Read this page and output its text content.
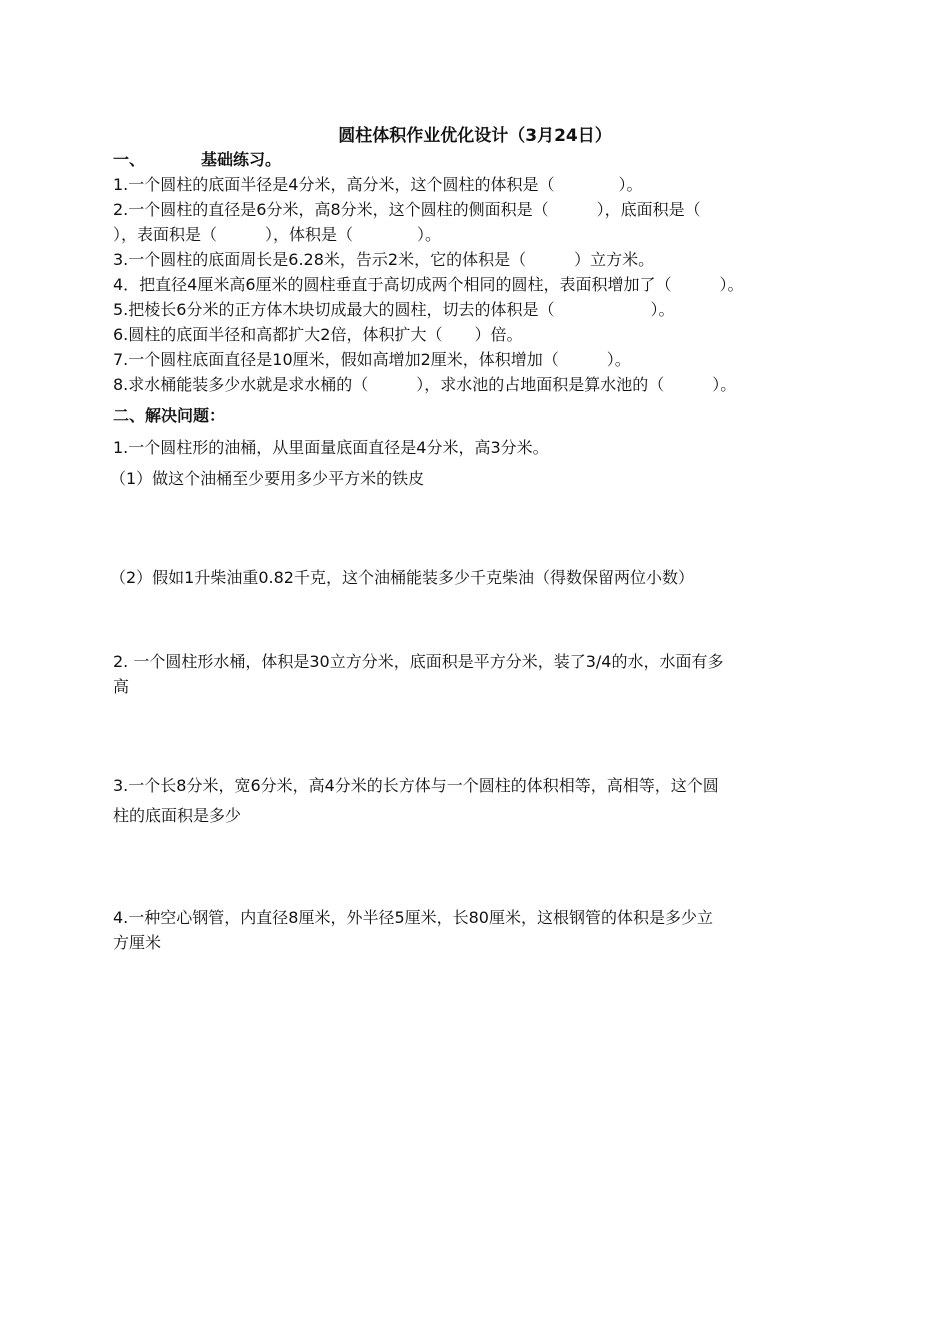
圆柱体积作业优化设计（3月24日）
一、	基础练习。
1.一个圆柱的底面半径是4分米，高分米，这个圆柱的体积是（　　　　）。
2.一个圆柱的直径是6分米，高8分米，这个圆柱的侧面积是（　　　），底面积是（
），表面积是（　　　），体积是（　　　　）。
3.一个圆柱的底面周长是6.28米，告示2米，它的体积是（　　　）立方米。
4．把直径4厘米高6厘米的圆柱垂直于高切成两个相同的圆柱，表面积增加了（　　　）。
5.把棱长6分米的正方体木块切成最大的圆柱，切去的体积是（　　　　　　）。
6.圆柱的底面半径和高都扩大2倍，体积扩大（　　）倍。
7.一个圆柱底面直径是10厘米，假如高增加2厘米，体积增加（　　　）。
8.求水桶能装多少水就是求水桶的（　　　），求水池的占地面积是算水池的（　　　）。
二、解决问题：
1.一个圆柱形的油桶，从里面量底面直径是4分米，高3分米。
（1）做这个油桶至少要用多少平方米的铁皮
（2）假如1升柴油重0.82千克，这个油桶能装多少千克柴油（得数保留两位小数）
2. 一个圆柱形水桶，体积是30立方分米，底面积是平方分米，装了3/4的水，水面有多
高
3.一个长8分米，宽6分米，高4分米的长方体与一个圆柱的体积相等，高相等，这个圆
柱的底面积是多少
4.一种空心钢管，内直径8厘米，外半径5厘米，长80厘米，这根钢管的体积是多少立
方厘米
